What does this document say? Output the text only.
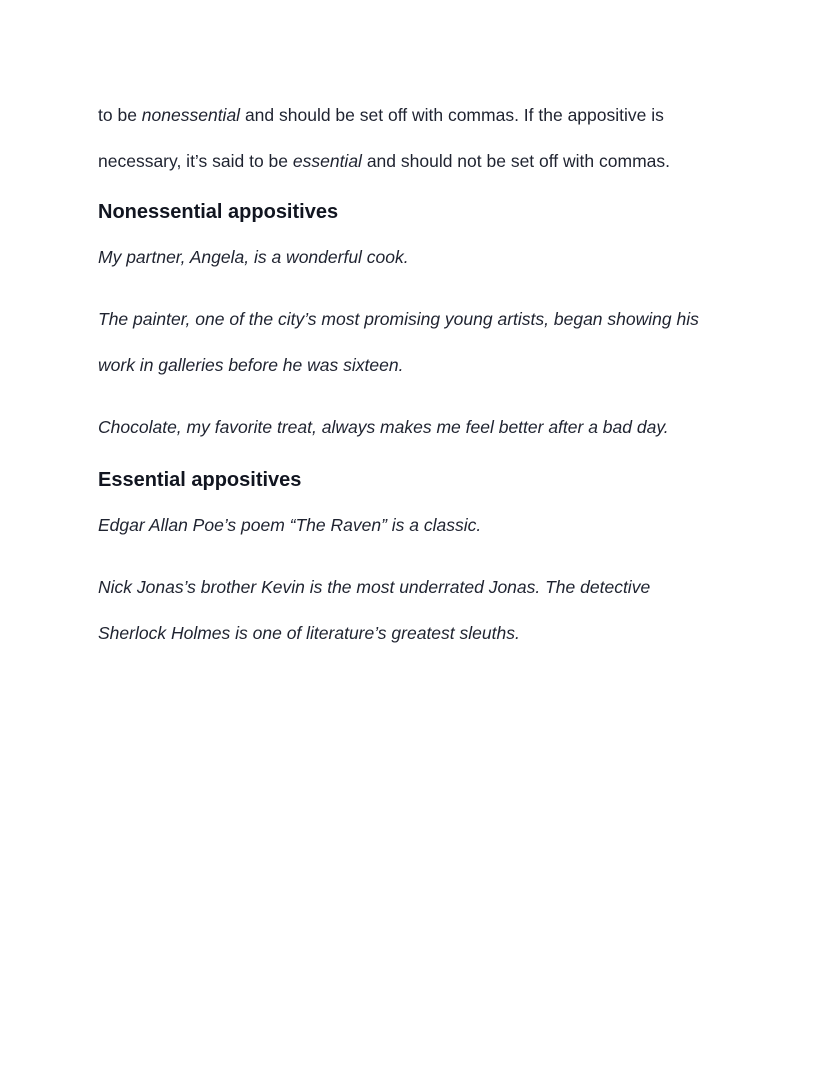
to be nonessential and should be set off with commas. If the appositive is

necessary, it’s said to be essential and should not be set off with commas.

Nonessential appositives

My partner, Angela, is a wonderful cook.

The painter, one of the city’s most promising young artists, began showing his

work in galleries before he was sixteen.

Chocolate, my favorite treat, always makes me feel better after a bad day.

Essential appositives

Edgar Allan Poe’s poem “The Raven” is a classic.

Nick Jonas’s brother Kevin is the most underrated Jonas. The detective

Sherlock Holmes is one of literature’s greatest sleuths.
